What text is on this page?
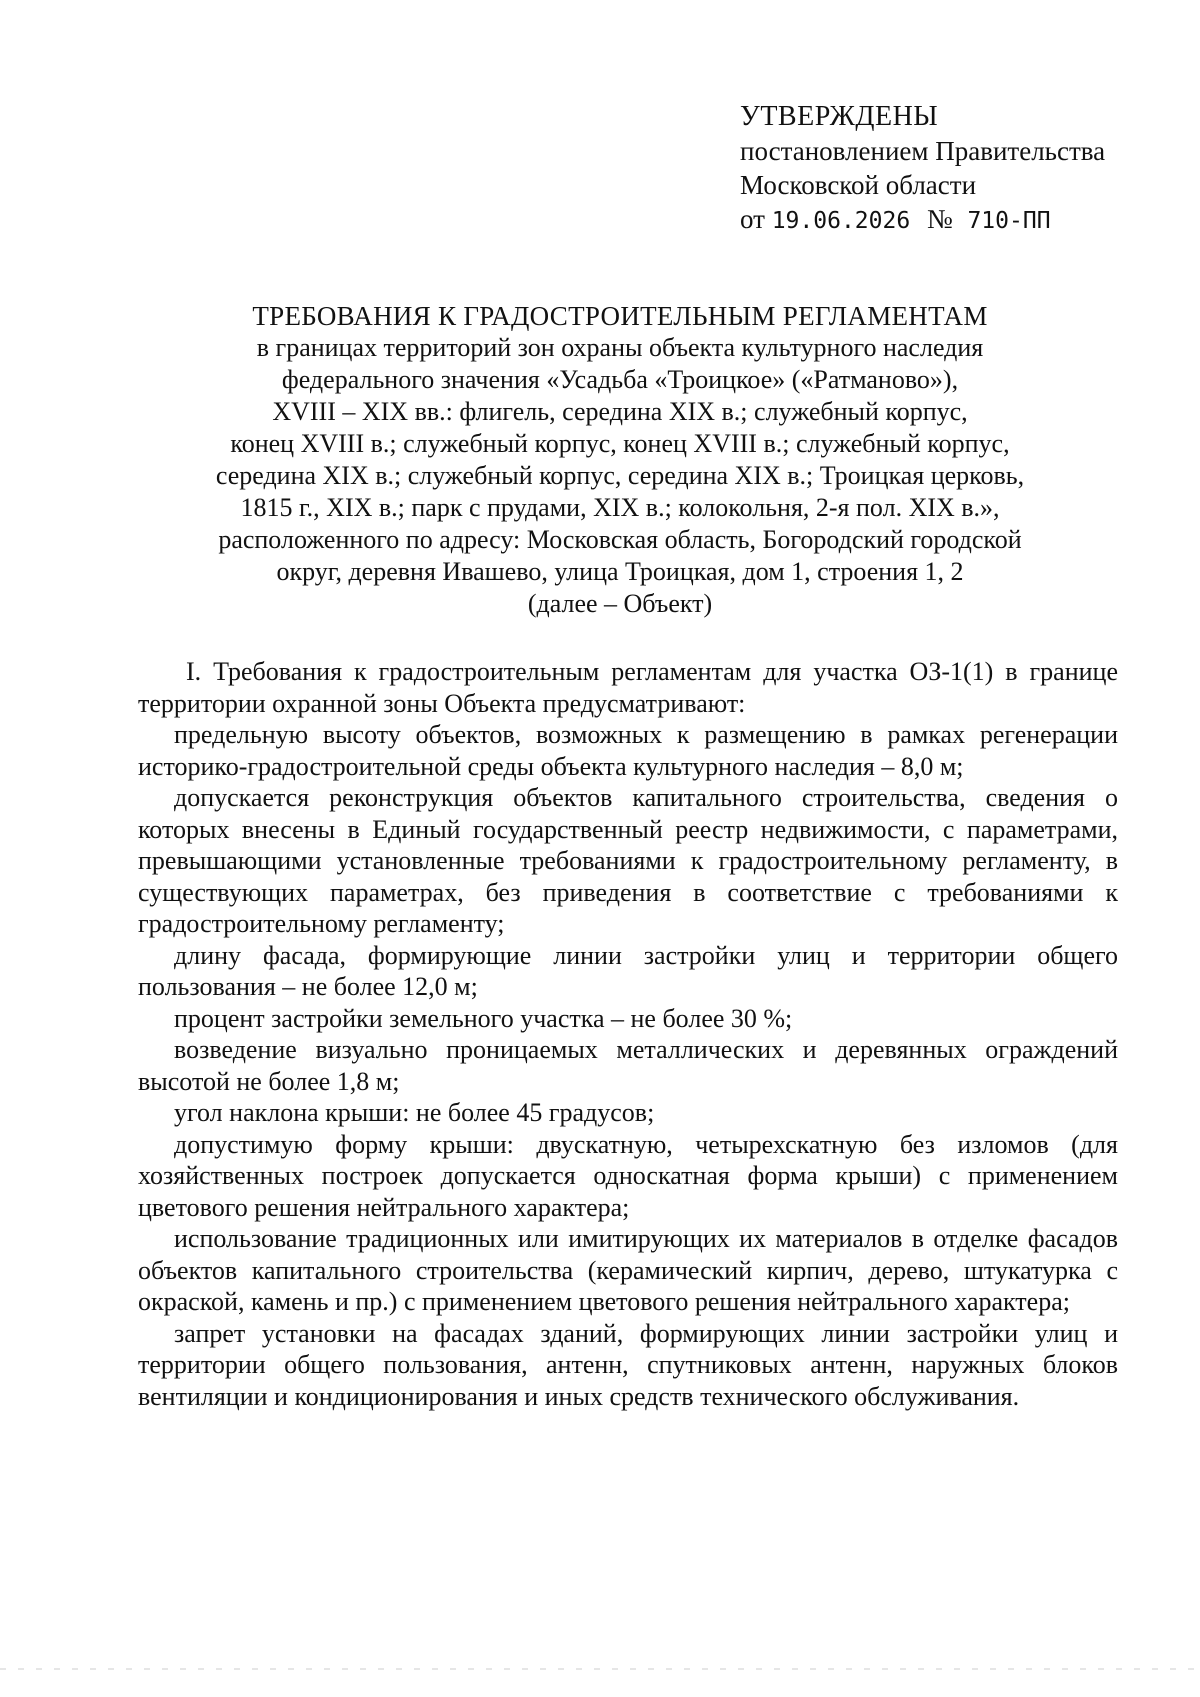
УТВЕРЖДЕНЫ
постановлением Правительства
Московской области
от 19.06.2026 № 710-ПП
ТРЕБОВАНИЯ К ГРАДОСТРОИТЕЛЬНЫМ РЕГЛАМЕНТАМ
в границах территорий зон охраны объекта культурного наследия
федерального значения «Усадьба «Троицкое» («Ратманово»),
XVIII – XIX вв.: флигель, середина XIX в.; служебный корпус,
конец XVIII в.; служебный корпус, конец XVIII в.; служебный корпус,
середина XIX в.; служебный корпус, середина XIX в.; Троицкая церковь,
1815 г., XIX в.; парк с прудами, XIX в.; колокольня, 2-я пол. XIX в.»,
расположенного по адресу: Московская область, Богородский городской
округ, деревня Ивашево, улица Троицкая, дом 1, строения 1, 2
(далее – Объект)

I. Требования к градостроительным регламентам для участка ОЗ-1(1) в границе территории охранной зоны Объекта предусматривают:

предельную высоту объектов, возможных к размещению в рамках регенерации историко-градостроительной среды объекта культурного наследия – 8,0 м;

допускается реконструкция объектов капитального строительства, сведения о которых внесены в Единый государственный реестр недвижимости, с параметрами, превышающими установленные требованиями к градостроительному регламенту, в существующих параметрах, без приведения в соответствие с требованиями к градостроительному регламенту;

длину фасада, формирующие линии застройки улиц и территории общего пользования – не более 12,0 м;

процент застройки земельного участка – не более 30 %;

возведение визуально проницаемых металлических и деревянных ограждений высотой не более 1,8 м;

угол наклона крыши: не более 45 градусов;

допустимую форму крыши: двускатную, четырехскатную без изломов (для хозяйственных построек допускается односкатная форма крыши) с применением цветового решения нейтрального характера;

использование традиционных или имитирующих их материалов в отделке фасадов объектов капитального строительства (керамический кирпич, дерево, штукатурка с окраской, камень и пр.) с применением цветового решения нейтрального характера;

запрет установки на фасадах зданий, формирующих линии застройки улиц и территории общего пользования, антенн, спутниковых антенн, наружных блоков вентиляции и кондиционирования и иных средств технического обслуживания.
